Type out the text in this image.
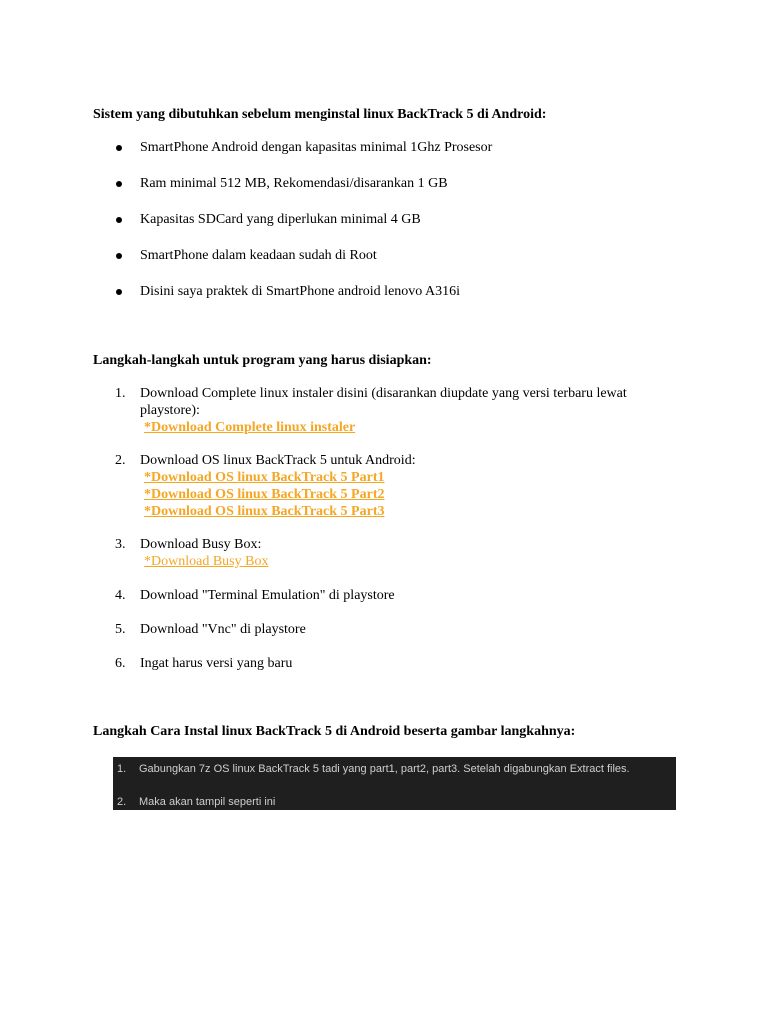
Sistem yang dibutuhkan sebelum menginstal linux BackTrack 5 di Android:
SmartPhone Android dengan kapasitas minimal 1Ghz Prosesor
Ram minimal 512 MB, Rekomendasi/disarankan 1 GB
Kapasitas SDCard yang diperlukan minimal 4 GB
SmartPhone dalam keadaan sudah di Root
Disini saya praktek di SmartPhone android lenovo A316i
Langkah-langkah untuk program yang harus disiapkan:
1. Download Complete linux instaler disini (disarankan diupdate yang versi terbaru lewat playstore):
*Download Complete linux instaler
2. Download OS linux BackTrack 5 untuk Android:
*Download OS linux BackTrack 5 Part1
*Download OS linux BackTrack 5 Part2
*Download OS linux BackTrack 5 Part3
3. Download Busy Box:
*Download Busy Box
4. Download "Terminal Emulation" di playstore
5. Download "Vnc" di playstore
6. Ingat harus versi yang baru
Langkah Cara Instal linux BackTrack 5 di Android beserta gambar langkahnya:
1. Gabungkan 7z OS linux BackTrack 5 tadi yang part1, part2, part3. Setelah digabungkan Extract files.
2. Maka akan tampil seperti ini
